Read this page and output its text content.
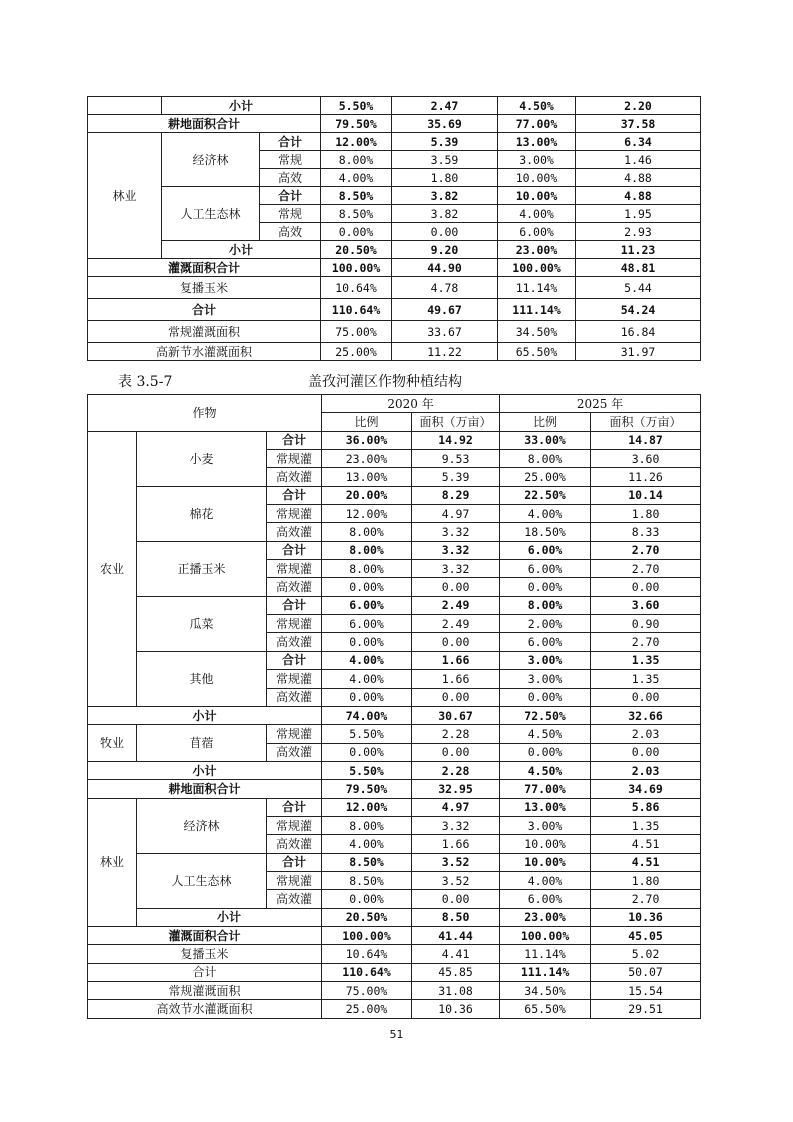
	小计		5.50%	2.47	4.50%	2.20
耕地面积合计			79.50%	35.69	77.00%	37.58
林业	经济林	合计	12.00%	5.39	13.00%	6.34
		常规	8.00%	3.59	3.00%	1.46
		高效	4.00%	1.80	10.00%	4.88
	人工生态林	合计	8.50%	3.82	10.00%	4.88
		常规	8.50%	3.82	4.00%	1.95
		高效	0.00%	0.00	6.00%	2.93
	小计		20.50%	9.20	23.00%	11.23
灌溉面积合计			100.00%	44.90	100.00%	48.81
复播玉米			10.64%	4.78	11.14%	5.44
合计			110.64%	49.67	111.14%	54.24
常规灌溉面积			75.00%	33.67	34.50%	16.84
高新节水灌溉面积			25.00%	11.22	65.50%	31.97
表 3.5-7	盖孜河灌区作物种植结构
作物			2020 年		2025 年	
			比例	面积（万亩）	比例	面积（万亩）
农业	小麦	合计	36.00%	14.92	33.00%	14.87
		常规灌	23.00%	9.53	8.00%	3.60
		高效灌	13.00%	5.39	25.00%	11.26
	棉花	合计	20.00%	8.29	22.50%	10.14
		常规灌	12.00%	4.97	4.00%	1.80
		高效灌	8.00%	3.32	18.50%	8.33
	正播玉米	合计	8.00%	3.32	6.00%	2.70
		常规灌	8.00%	3.32	6.00%	2.70
		高效灌	0.00%	0.00	0.00%	0.00
	瓜菜	合计	6.00%	2.49	8.00%	3.60
		常规灌	6.00%	2.49	2.00%	0.90
		高效灌	0.00%	0.00	6.00%	2.70
	其他	合计	4.00%	1.66	3.00%	1.35
		常规灌	4.00%	1.66	3.00%	1.35
		高效灌	0.00%	0.00	0.00%	0.00
小计			74.00%	30.67	72.50%	32.66
牧业	苜蓿	常规灌	5.50%	2.28	4.50%	2.03
		高效灌	0.00%	0.00	0.00%	0.00
小计			5.50%	2.28	4.50%	2.03
耕地面积合计			79.50%	32.95	77.00%	34.69
林业	经济林	合计	12.00%	4.97	13.00%	5.86
		常规灌	8.00%	3.32	3.00%	1.35
		高效灌	4.00%	1.66	10.00%	4.51
	人工生态林	合计	8.50%	3.52	10.00%	4.51
		常规灌	8.50%	3.52	4.00%	1.80
		高效灌	0.00%	0.00	6.00%	2.70
	小计		20.50%	8.50	23.00%	10.36
灌溉面积合计			100.00%	41.44	100.00%	45.05
复播玉米			10.64%	4.41	11.14%	5.02
合计			110.64%	45.85	111.14%	50.07
常规灌溉面积			75.00%	31.08	34.50%	15.54
高效节水灌溉面积			25.00%	10.36	65.50%	29.51
51
